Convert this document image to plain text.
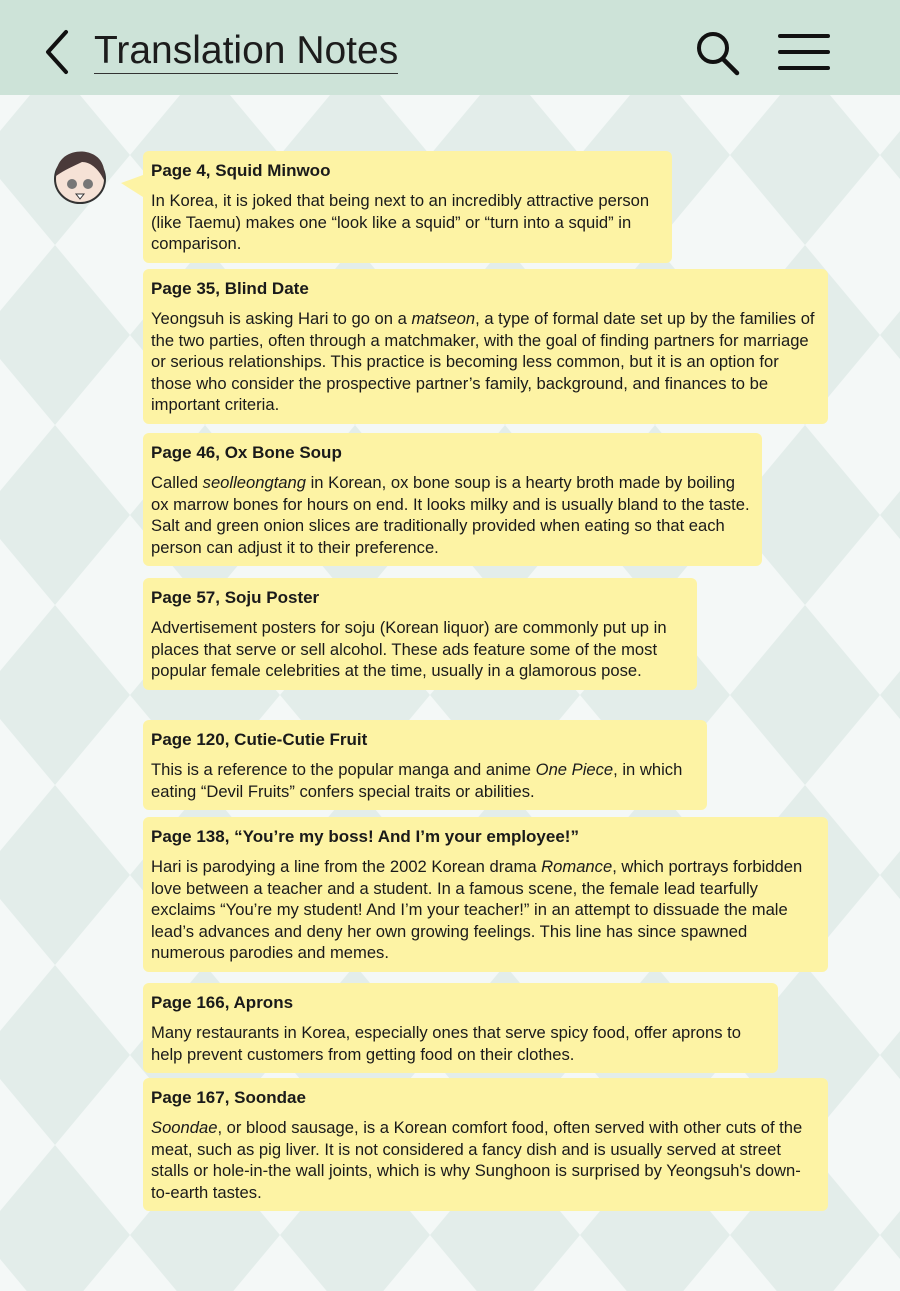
Translation Notes
Page 4, Squid Minwoo

In Korea, it is joked that being next to an incredibly attractive person (like Taemu) makes one “look like a squid” or “turn into a squid” in comparison.

Page 35, Blind Date

Yeongsuh is asking Hari to go on a matseon, a type of formal date set up by the families of the two parties, often through a matchmaker, with the goal of finding partners for marriage or serious relationships. This practice is becoming less common, but it is an option for those who consider the prospective partner’s family, background, and finances to be important criteria.

Page 46, Ox Bone Soup

Called seolleongtang in Korean, ox bone soup is a hearty broth made by boiling ox marrow bones for hours on end. It looks milky and is usually bland to the taste. Salt and green onion slices are traditionally provided when eating so that each person can adjust it to their preference.

Page 57, Soju Poster

Advertisement posters for soju (Korean liquor) are commonly put up in places that serve or sell alcohol. These ads feature some of the most popular female celebrities at the time, usually in a glamorous pose.

Page 120, Cutie-Cutie Fruit

This is a reference to the popular manga and anime One Piece, in which eating “Devil Fruits” confers special traits or abilities.

Page 138, “You’re my boss! And I’m your employee!”

Hari is parodying a line from the 2002 Korean drama Romance, which portrays forbidden love between a teacher and a student. In a famous scene, the female lead tearfully exclaims “You’re my student! And I’m your teacher!” in an attempt to dissuade the male lead’s advances and deny her own growing feelings. This line has since spawned numerous parodies and memes.

Page 166, Aprons

Many restaurants in Korea, especially ones that serve spicy food, offer aprons to help prevent customers from getting food on their clothes.

Page 167, Soondae

Soondae, or blood sausage, is a Korean comfort food, often served with other cuts of the meat, such as pig liver. It is not considered a fancy dish and is usually served at street stalls or hole-in-the wall joints, which is why Sunghoon is surprised by Yeongsuh's down-to-earth tastes.
